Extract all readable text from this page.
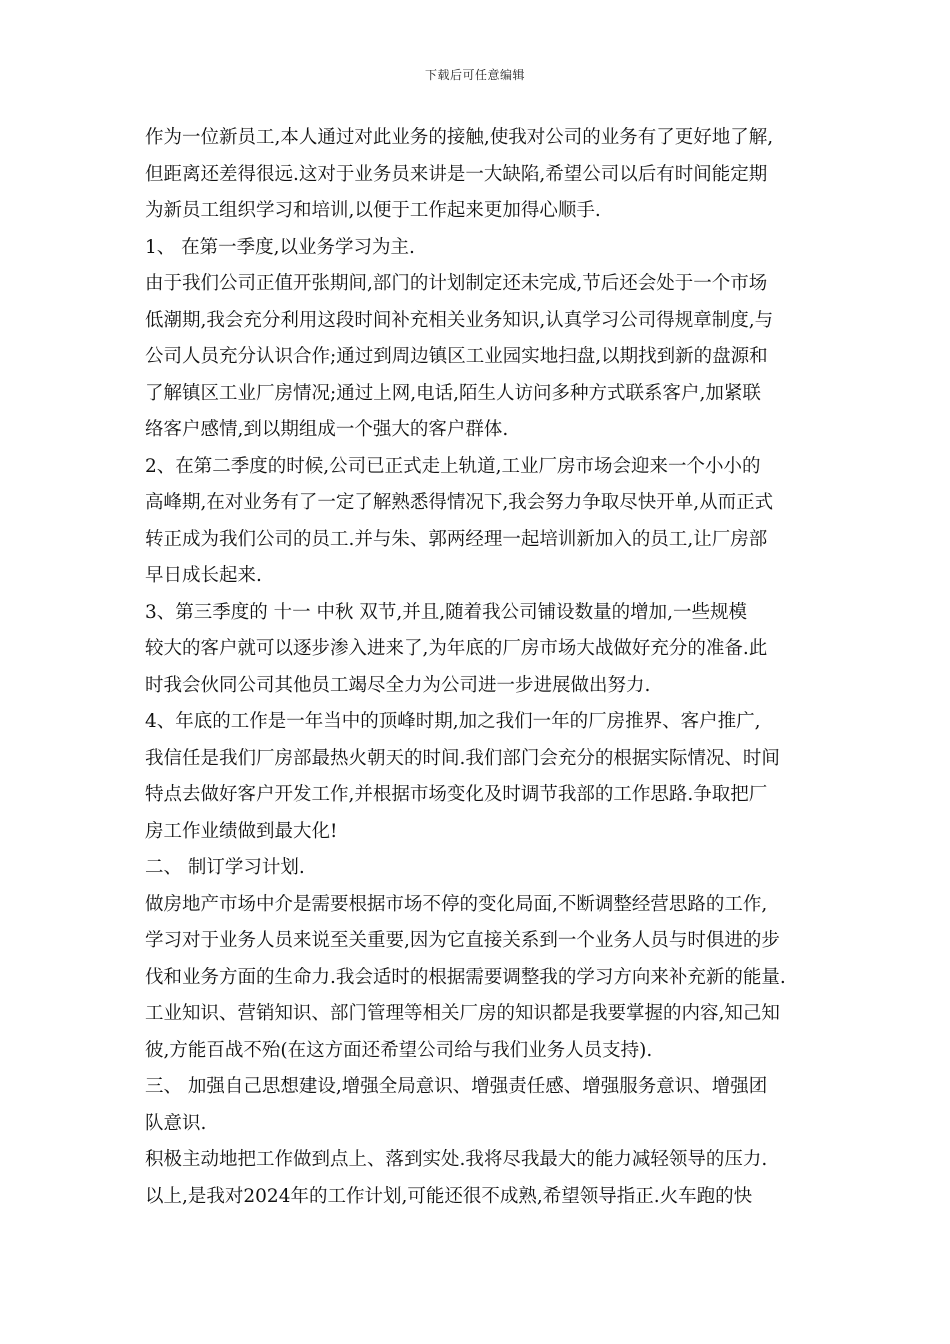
下载后可任意编辑
作为一位新员工,本人通过对此业务的接触,使我对公司的业务有了更好地了解,
但距离还差得很远.这对于业务员来讲是一大缺陷,希望公司以后有时间能定期
为新员工组织学习和培训,以便于工作起来更加得心顺手.
1、 在第一季度,以业务学习为主.
由于我们公司正值开张期间,部门的计划制定还未完成,节后还会处于一个市场
低潮期,我会充分利用这段时间补充相关业务知识,认真学习公司得规章制度,与
公司人员充分认识合作;通过到周边镇区工业园实地扫盘,以期找到新的盘源和
了解镇区工业厂房情况;通过上网,电话,陌生人访问多种方式联系客户,加紧联
络客户感情,到以期组成一个强大的客户群体.
2、在第二季度的时候,公司已正式走上轨道,工业厂房市场会迎来一个小小的
高峰期,在对业务有了一定了解熟悉得情况下,我会努力争取尽快开单,从而正式
转正成为我们公司的员工.并与朱、郭两经理一起培训新加入的员工,让厂房部
早日成长起来.
3、第三季度的 十一 中秋 双节,并且,随着我公司铺设数量的增加,一些规模
较大的客户就可以逐步渗入进来了,为年底的厂房市场大战做好充分的准备.此
时我会伙同公司其他员工竭尽全力为公司进一步进展做出努力.
4、年底的工作是一年当中的顶峰时期,加之我们一年的厂房推界、客户推广,
我信任是我们厂房部最热火朝天的时间.我们部门会充分的根据实际情况、时间
特点去做好客户开发工作,并根据市场变化及时调节我部的工作思路.争取把厂
房工作业绩做到最大化!
二、 制订学习计划.
做房地产市场中介是需要根据市场不停的变化局面,不断调整经营思路的工作,
学习对于业务人员来说至关重要,因为它直接关系到一个业务人员与时俱进的步
伐和业务方面的生命力.我会适时的根据需要调整我的学习方向来补充新的能量.
工业知识、营销知识、部门管理等相关厂房的知识都是我要掌握的内容,知己知
彼,方能百战不殆(在这方面还希望公司给与我们业务人员支持).
三、 加强自己思想建设,增强全局意识、增强责任感、增强服务意识、增强团
队意识.
积极主动地把工作做到点上、落到实处.我将尽我最大的能力减轻领导的压力.
以上,是我对2024年的工作计划,可能还很不成熟,希望领导指正.火车跑的快
